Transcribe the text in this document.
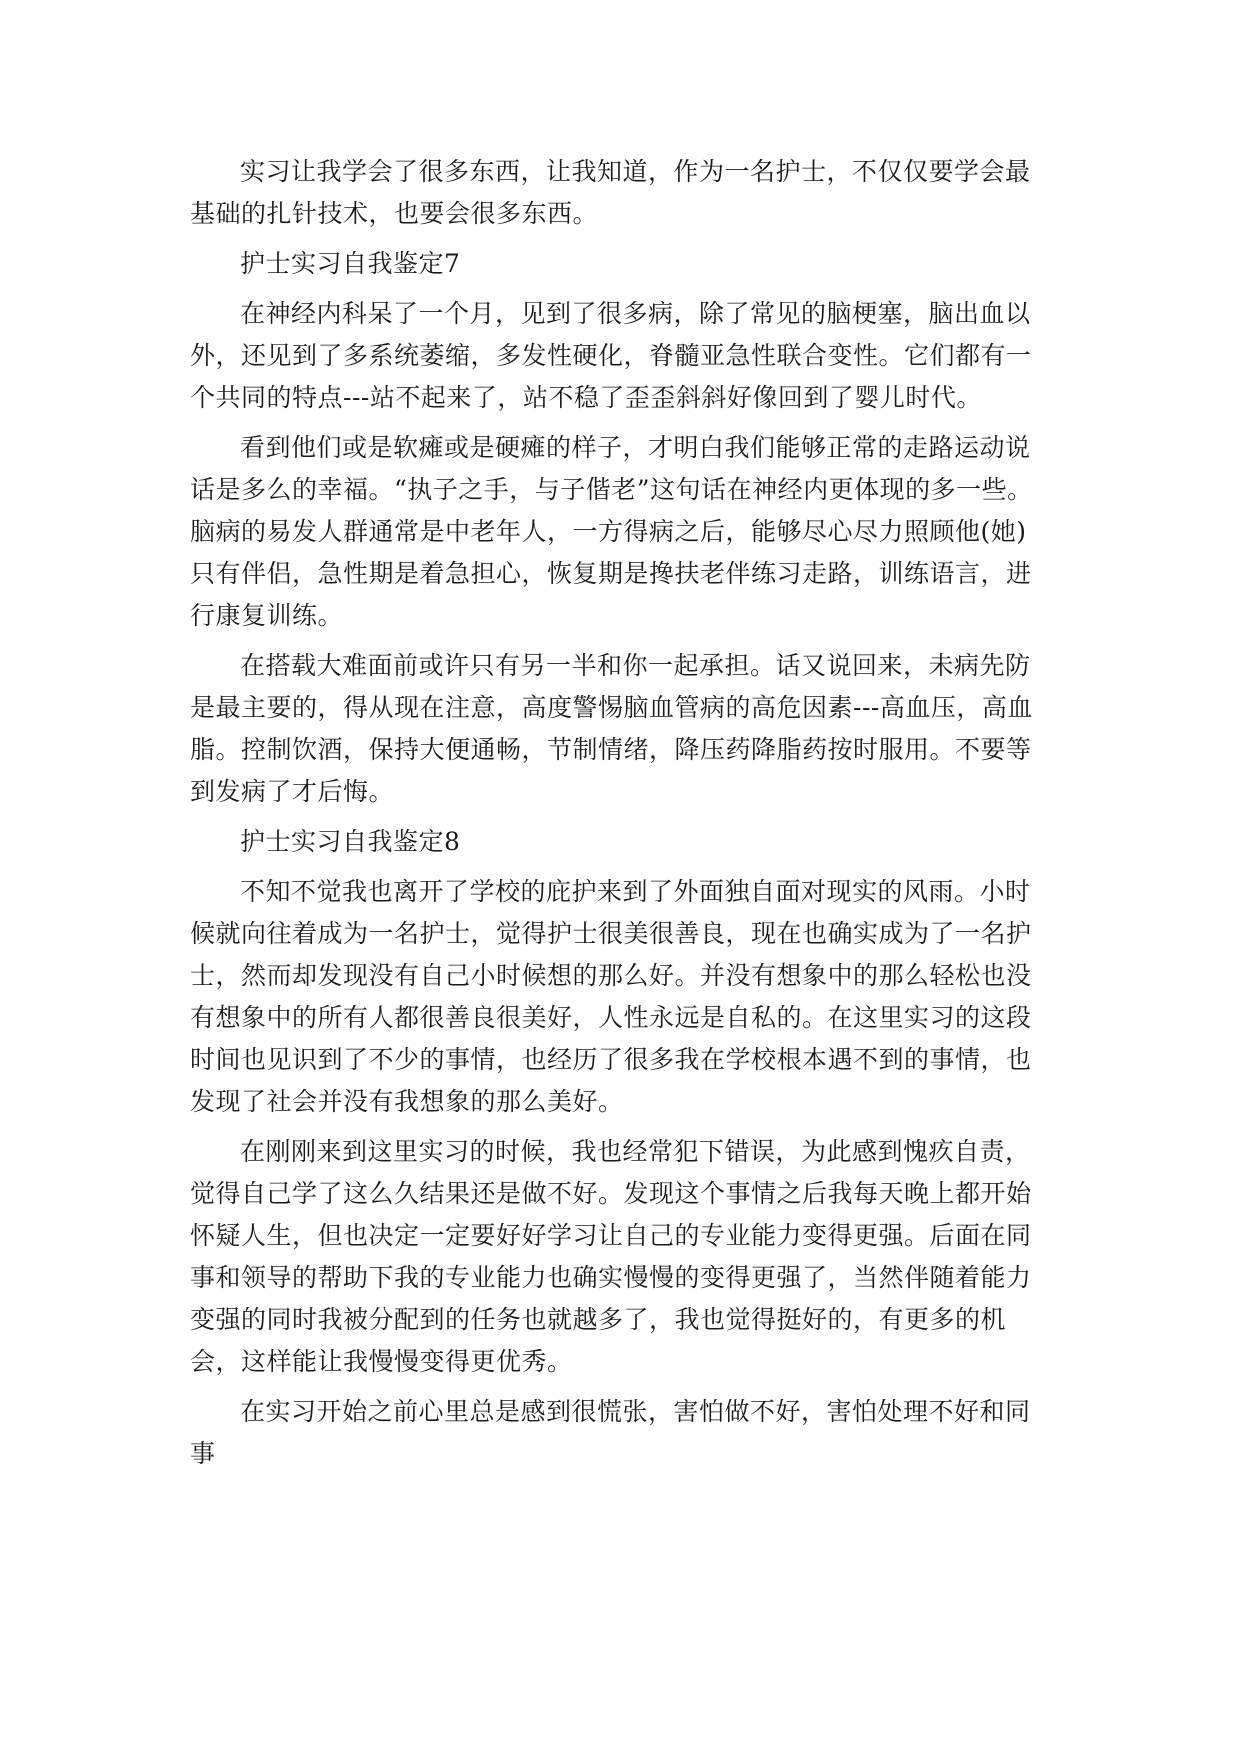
实习让我学会了很多东西，让我知道，作为一名护士，不仅仅要学会最基础的扎针技术，也要会很多东西。

护士实习自我鉴定7

在神经内科呆了一个月，见到了很多病，除了常见的脑梗塞，脑出血以外，还见到了多系统萎缩，多发性硬化，脊髓亚急性联合变性。它们都有一个共同的特点---站不起来了，站不稳了歪歪斜斜好像回到了婴儿时代。

看到他们或是软瘫或是硬瘫的样子，才明白我们能够正常的走路运动说话是多么的幸福。“执子之手，与子偕老”这句话在神经内更体现的多一些。脑病的易发人群通常是中老年人，一方得病之后，能够尽心尽力照顾他(她)只有伴侣，急性期是着急担心，恢复期是搀扶老伴练习走路，训练语言，进行康复训练。

在搭载大难面前或许只有另一半和你一起承担。话又说回来，未病先防是最主要的，得从现在注意，高度警惕脑血管病的高危因素---高血压，高血脂。控制饮酒，保持大便通畅，节制情绪，降压药降脂药按时服用。不要等到发病了才后悔。

护士实习自我鉴定8

不知不觉我也离开了学校的庇护来到了外面独自面对现实的风雨。小时候就向往着成为一名护士，觉得护士很美很善良，现在也确实成为了一名护士，然而却发现没有自己小时候想的那么好。并没有想象中的那么轻松也没有想象中的所有人都很善良很美好，人性永远是自私的。在这里实习的这段时间也见识到了不少的事情，也经历了很多我在学校根本遇不到的事情，也发现了社会并没有我想象的那么美好。

在刚刚来到这里实习的时候，我也经常犯下错误，为此感到愧疚自责，觉得自己学了这么久结果还是做不好。发现这个事情之后我每天晚上都开始怀疑人生，但也决定一定要好好学习让自己的专业能力变得更强。后面在同事和领导的帮助下我的专业能力也确实慢慢的变得更强了，当然伴随着能力变强的同时我被分配到的任务也就越多了，我也觉得挺好的，有更多的机会，这样能让我慢慢变得更优秀。

在实习开始之前心里总是感到很慌张，害怕做不好，害怕处理不好和同事
